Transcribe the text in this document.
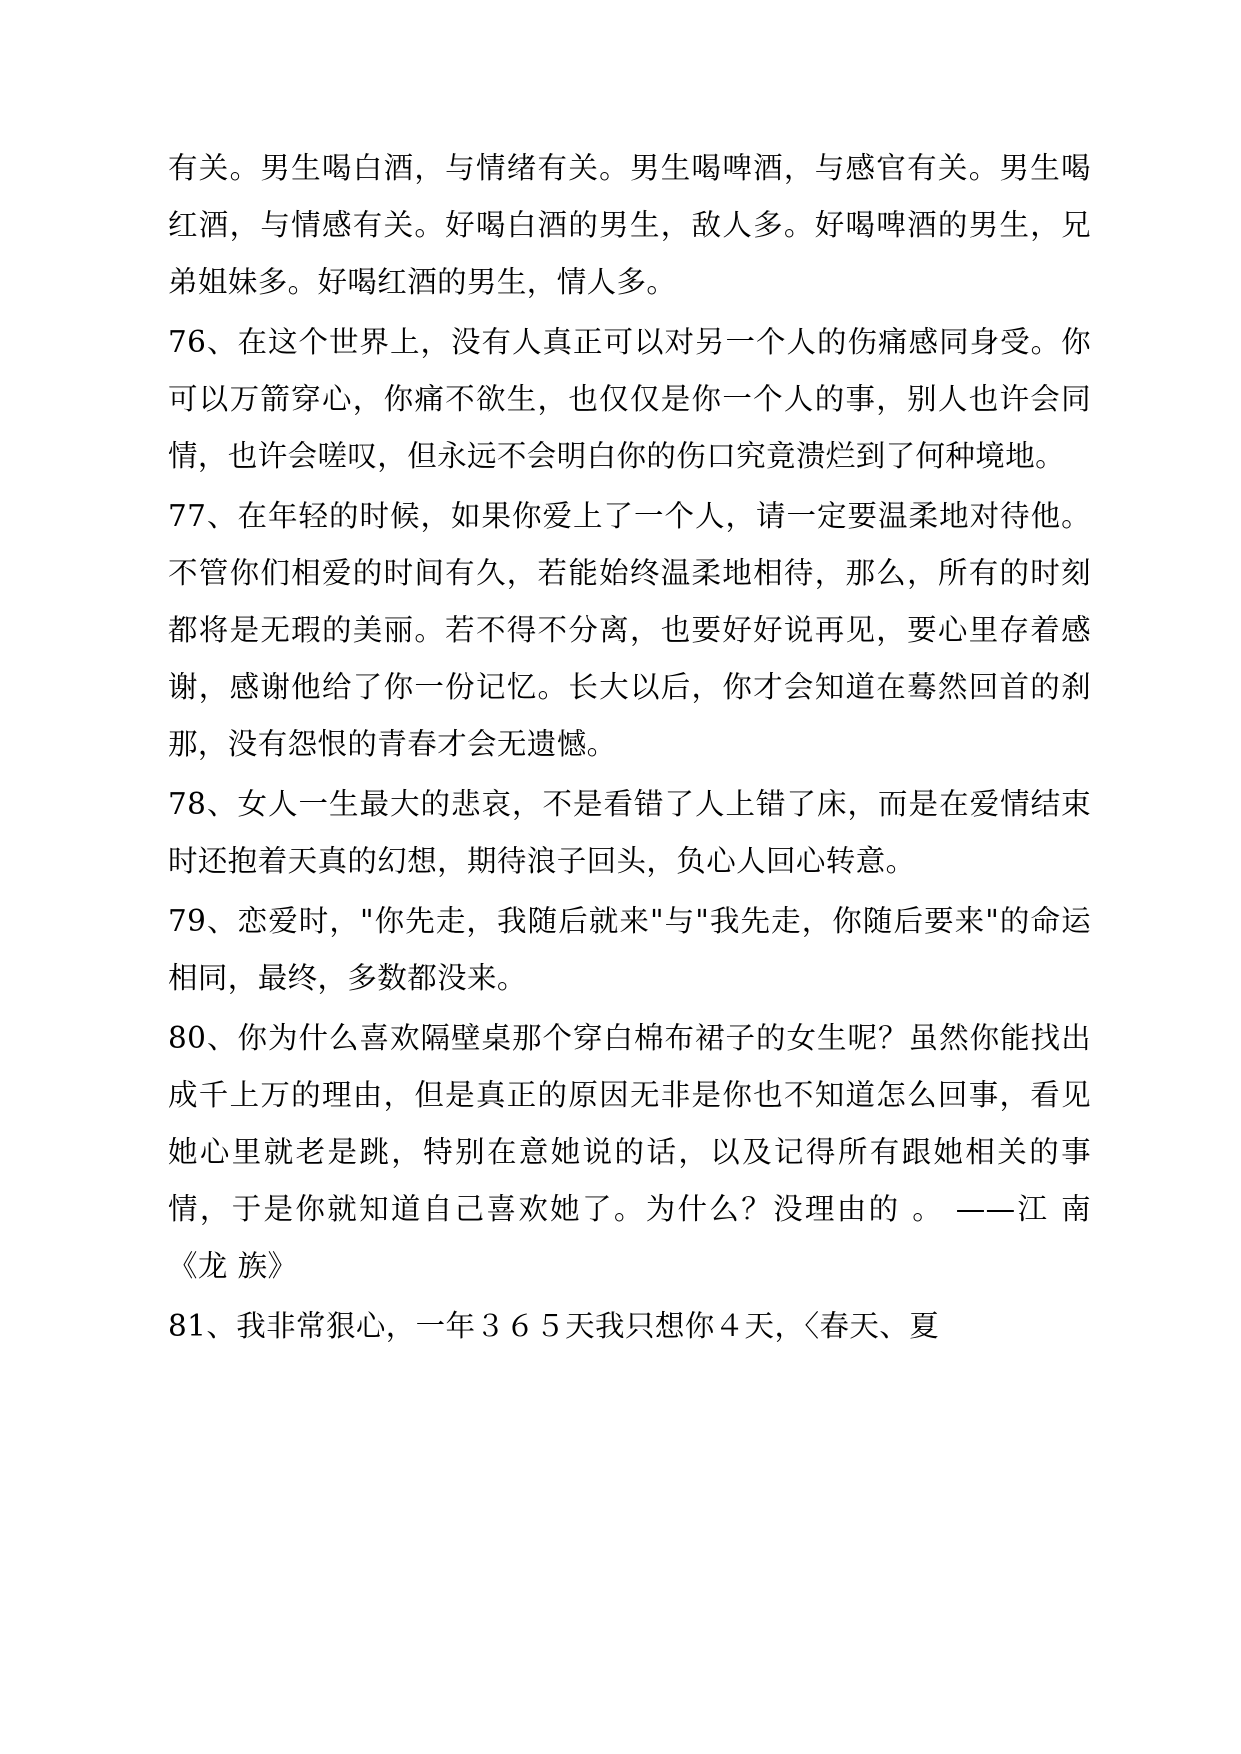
有关。男生喝白酒，与情绪有关。男生喝啤酒，与感官有关。男生喝红酒，与情感有关。好喝白酒的男生，敌人多。好喝啤酒的男生，兄弟姐妹多。好喝红酒的男生，情人多。

76、在这个世界上，没有人真正可以对另一个人的伤痛感同身受。你可以万箭穿心，你痛不欲生，也仅仅是你一个人的事，别人也许会同情，也许会嗟叹，但永远不会明白你的伤口究竟溃烂到了何种境地。

77、在年轻的时候，如果你爱上了一个人，请一定要温柔地对待他。不管你们相爱的时间有久，若能始终温柔地相待，那么，所有的时刻都将是无瑕的美丽。若不得不分离，也要好好说再见，要心里存着感谢，感谢他给了你一份记忆。长大以后，你才会知道在蓦然回首的刹那，没有怨恨的青春才会无遗憾。

78、女人一生最大的悲哀，不是看错了人上错了床，而是在爱情结束时还抱着天真的幻想，期待浪子回头，负心人回心转意。

79、恋爱时，"你先走，我随后就来"与"我先走，你随后要来"的命运相同，最终，多数都没来。

80、你为什么喜欢隔壁桌那个穿白棉布裙子的女生呢？虽然你能找出成千上万的理由，但是真正的原因无非是你也不知道怎么回事，看见她心里就老是跳，特别在意她说的话，以及记得所有跟她相关的事情，于是你就知道自己喜欢她了。为什么？没理由的 。 ——江 南 《龙 族》

81、我非常狠心，一年３６５天我只想你４天，〈春天、夏
